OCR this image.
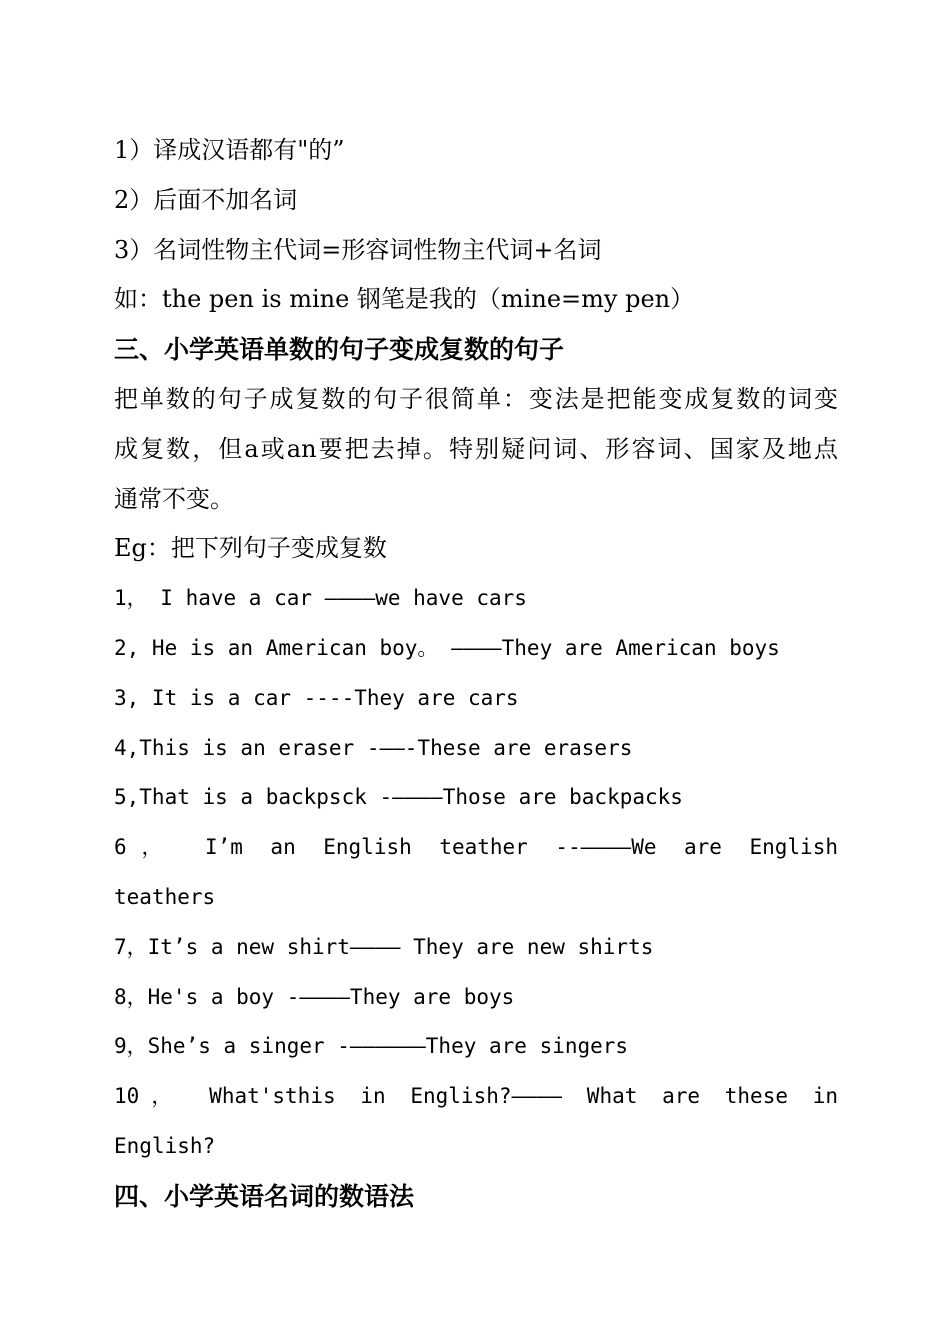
1）译成汉语都有"的”
2）后面不加名词
3）名词性物主代词=形容词性物主代词+名词
如：the pen is mine 钢笔是我的（mine=my pen）
三、小学英语单数的句子变成复数的句子
把单数的句子成复数的句子很简单：变法是把能变成复数的词变
成复数，但a或an要把去掉。特别疑问词、形容词、国家及地点
通常不变。
Eg：把下列句子变成复数
1， I have a car ————we have cars
2, He is an American boy。 ————They are American boys
3, It is a car ----They are cars
4,This is an eraser -——-These are erasers
5,That is a backpsck -————Those are backpacks
6， I’m an English teather --————We are English
teathers
7，It’s a new shirt———— They are new shirts
8，He's a boy -————They are boys
9，She’s a singer -——————They are singers
10， What'sthis in English?———— What are these in
English?
四、小学英语名词的数语法
